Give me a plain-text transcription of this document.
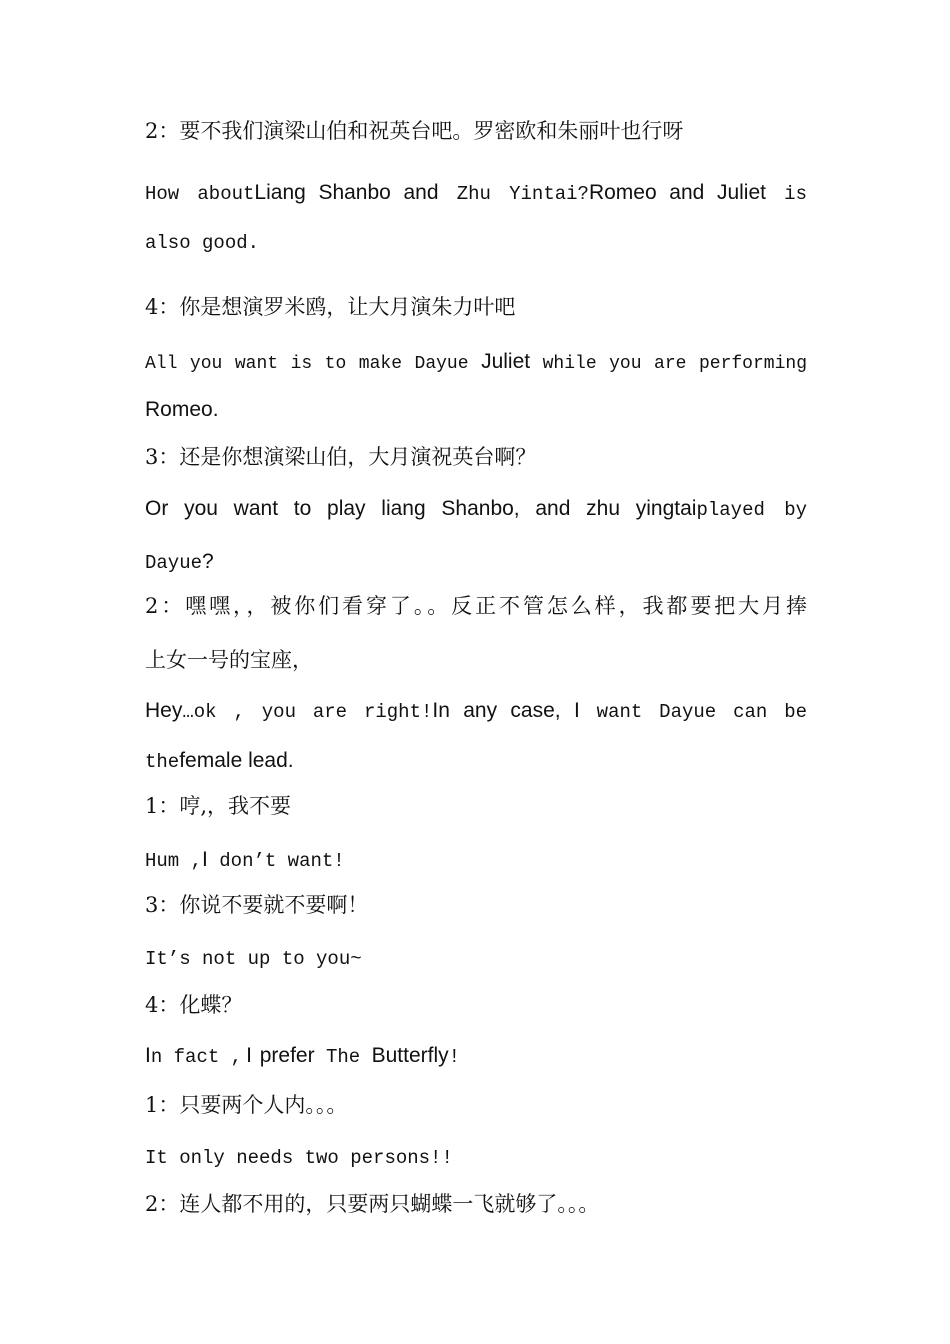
2：要不我们演梁山伯和祝英台吧。罗密欧和朱丽叶也行呀
How aboutLiang Shanbo and Zhu Yintai?Romeo and Juliet is
also good.
4：你是想演罗米鸥，让大月演朱力叶吧
All you want is to make Dayue Juliet while you are performing
Romeo.
3：还是你想演梁山伯，大月演祝英台啊？
Or you want to play liang Shanbo, and zhu yingtaiplayed by
Dayue?
2：嘿嘿，，被你们看穿了。。反正不管怎么样，我都要把大月捧
上女一号的宝座，
Hey…ok , you are right!In any case, I want Dayue can be
thefemale lead.
1：哼,，我不要
Hum ,I don’t want!
3：你说不要就不要啊！
It’s not up to you~
4：化蝶？
In fact , I prefer The Butterfly!
1：只要两个人内。。。
It only needs two persons!!
2：连人都不用的，只要两只蝴蝶一飞就够了。。。
